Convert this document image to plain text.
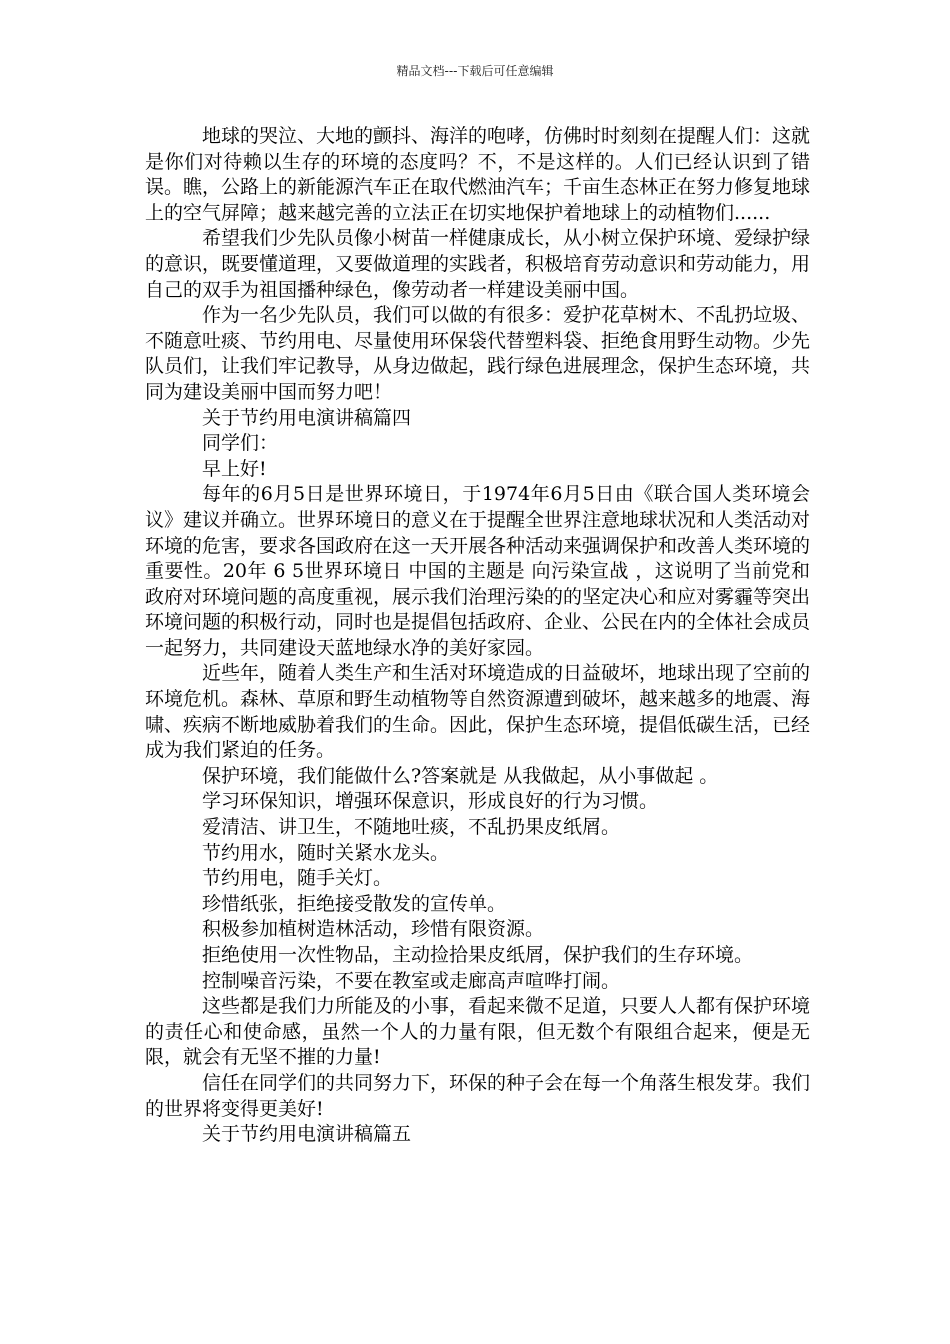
精品文档---下载后可任意编辑

地球的哭泣、大地的颤抖、海洋的咆哮，仿佛时时刻刻在提醒人们：这就是你们对待赖以生存的环境的态度吗？不，不是这样的。人们已经认识到了错误。瞧，公路上的新能源汽车正在取代燃油汽车；千亩生态林正在努力修复地球上的空气屏障；越来越完善的立法正在切实地保护着地球上的动植物们......

希望我们少先队员像小树苗一样健康成长，从小树立保护环境、爱绿护绿的意识，既要懂道理，又要做道理的实践者，积极培育劳动意识和劳动能力，用自己的双手为祖国播种绿色，像劳动者一样建设美丽中国。

作为一名少先队员，我们可以做的有很多：爱护花草树木、不乱扔垃圾、不随意吐痰、节约用电、尽量使用环保袋代替塑料袋、拒绝食用野生动物。少先队员们，让我们牢记教导，从身边做起，践行绿色进展理念，保护生态环境，共同为建设美丽中国而努力吧！

关于节约用电演讲稿篇四

同学们：

早上好!

每年的6月5日是世界环境日，于1974年6月5日由《联合国人类环境会议》建议并确立。世界环境日的意义在于提醒全世界注意地球状况和人类活动对环境的危害，要求各国政府在这一天开展各种活动来强调保护和改善人类环境的重要性。20年 6 5世界环境日 中国的主题是 向污染宣战 ，这说明了当前党和政府对环境问题的高度重视，展示我们治理污染的的坚定决心和应对雾霾等突出环境问题的积极行动，同时也是提倡包括政府、企业、公民在内的全体社会成员一起努力，共同建设天蓝地绿水净的美好家园。

近些年，随着人类生产和生活对环境造成的日益破坏，地球出现了空前的环境危机。森林、草原和野生动植物等自然资源遭到破坏，越来越多的地震、海啸、疾病不断地威胁着我们的生命。因此，保护生态环境，提倡低碳生活，已经成为我们紧迫的任务。

保护环境，我们能做什么?答案就是 从我做起，从小事做起 。

学习环保知识，增强环保意识，形成良好的行为习惯。

爱清洁、讲卫生，不随地吐痰，不乱扔果皮纸屑。

节约用水，随时关紧水龙头。

节约用电，随手关灯。

珍惜纸张，拒绝接受散发的宣传单。

积极参加植树造林活动，珍惜有限资源。

拒绝使用一次性物品，主动捡拾果皮纸屑，保护我们的生存环境。

控制噪音污染，不要在教室或走廊高声喧哗打闹。

这些都是我们力所能及的小事，看起来微不足道，只要人人都有保护环境的责任心和使命感，虽然一个人的力量有限，但无数个有限组合起来，便是无限，就会有无坚不摧的力量!

信任在同学们的共同努力下，环保的种子会在每一个角落生根发芽。我们的世界将变得更美好!

关于节约用电演讲稿篇五
